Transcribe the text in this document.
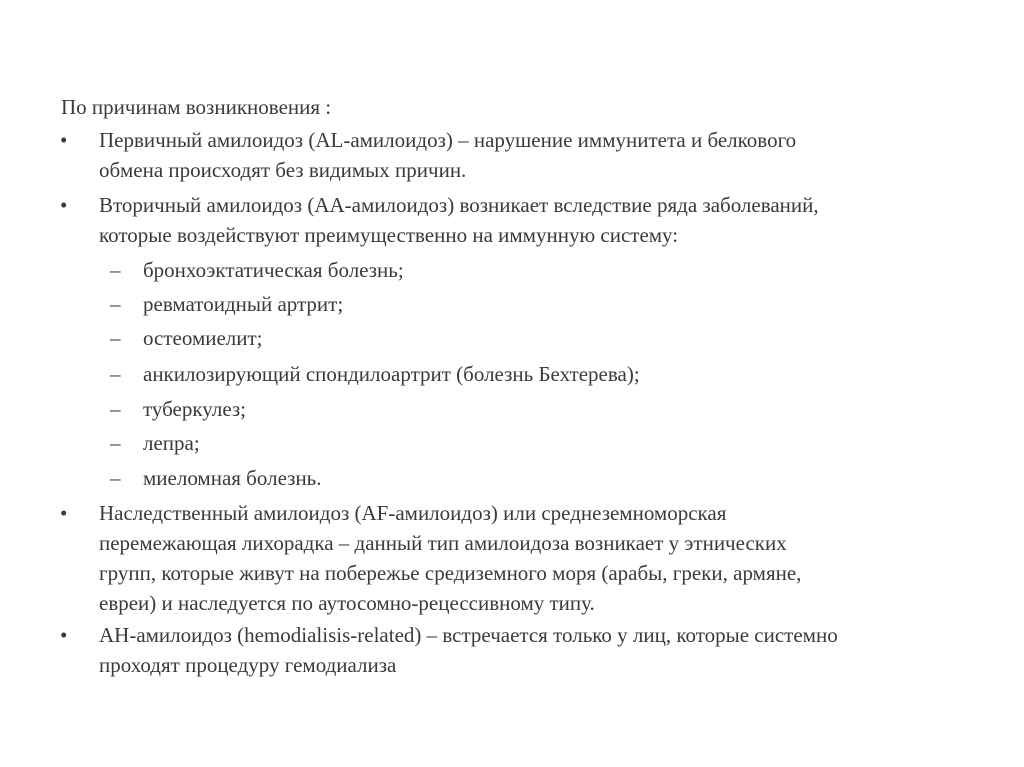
По причинам возникновения :
•	Первичный амилоидоз (AL-амилоидоз) – нарушение иммунитета и белкового
обмена происходят без видимых причин.

•	Вторичный амилоидоз (AA-амилоидоз) возникает вследствие ряда заболеваний,
которые воздействуют преимущественно на иммунную систему:

– бронхоэктатическая болезнь;

– ревматоидный артрит;

– остеомиелит;

– анкилозирующий спондилоартрит (болезнь Бехтерева);

– туберкулез;

– лепра;

– миеломная болезнь.

•	Наследственный амилоидоз (AF-амилоидоз) или среднеземноморская
перемежающая лихорадка – данный тип амилоидоза возникает у этнических
групп, которые живут на побережье средиземного моря (арабы, греки, армяне,
евреи) и наследуется по аутосомно-рецессивному типу.

•	AH-амилоидоз (hemodialisis-related) – встречается только у лиц, которые системно
проходят процедуру гемодиализа
